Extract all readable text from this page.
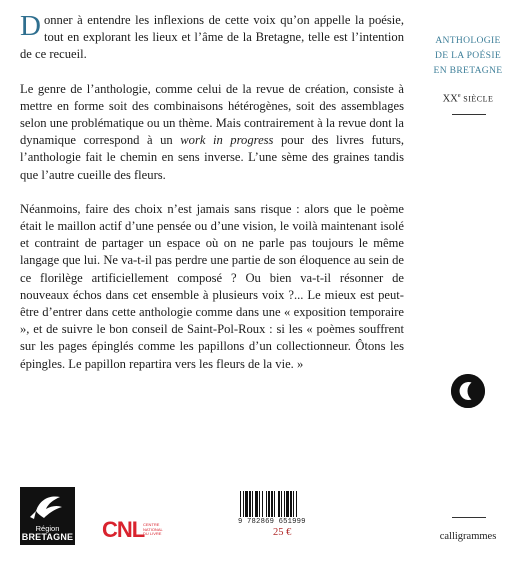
Donner à entendre les inflexions de cette voix qu’on appelle la poésie, tout en explorant les lieux et l’âme de la Bretagne, telle est l’intention de ce recueil.

Le genre de l’anthologie, comme celui de la revue de création, consiste à mettre en forme soit des combinaisons hétérogènes, soit des assemblages selon une problématique ou un thème. Mais contrairement à la revue dont la dynamique correspond à un work in progress pour des livres futurs, l’anthologie fait le chemin en sens inverse. L’une sème des graines tandis que l’autre cueille des fleurs.

Néanmoins, faire des choix n’est jamais sans risque : alors que le poème était le maillon actif d’une pensée ou d’une vision, le voilà maintenant isolé et contraint de partager un espace où on ne parle pas toujours le même langage que lui. Ne va-t-il pas perdre une partie de son éloquence au sein de ce florilège artificiellement composé ? Ou bien va-t-il résonner de nouveaux échos dans cet ensemble à plusieurs voix ?... Le mieux est peut-être d’entrer dans cette anthologie comme dans une « exposition temporaire », et de suivre le bon conseil de Saint-Pol-Roux : si les « poèmes souffrent sur les pages épinglés comme les papillons d’un collectionneur. Ôtons les épingles. Le papillon repartira vers les fleurs de la vie. »

ANTHOLOGIE
DE LA POÉSIE
EN BRETAGNE
XXe SIÈCLE
Région
BRETAGNE CNL
CENTRE NATIONAL DU LIVRE
9 782869 651999
25 €	calligrammes
